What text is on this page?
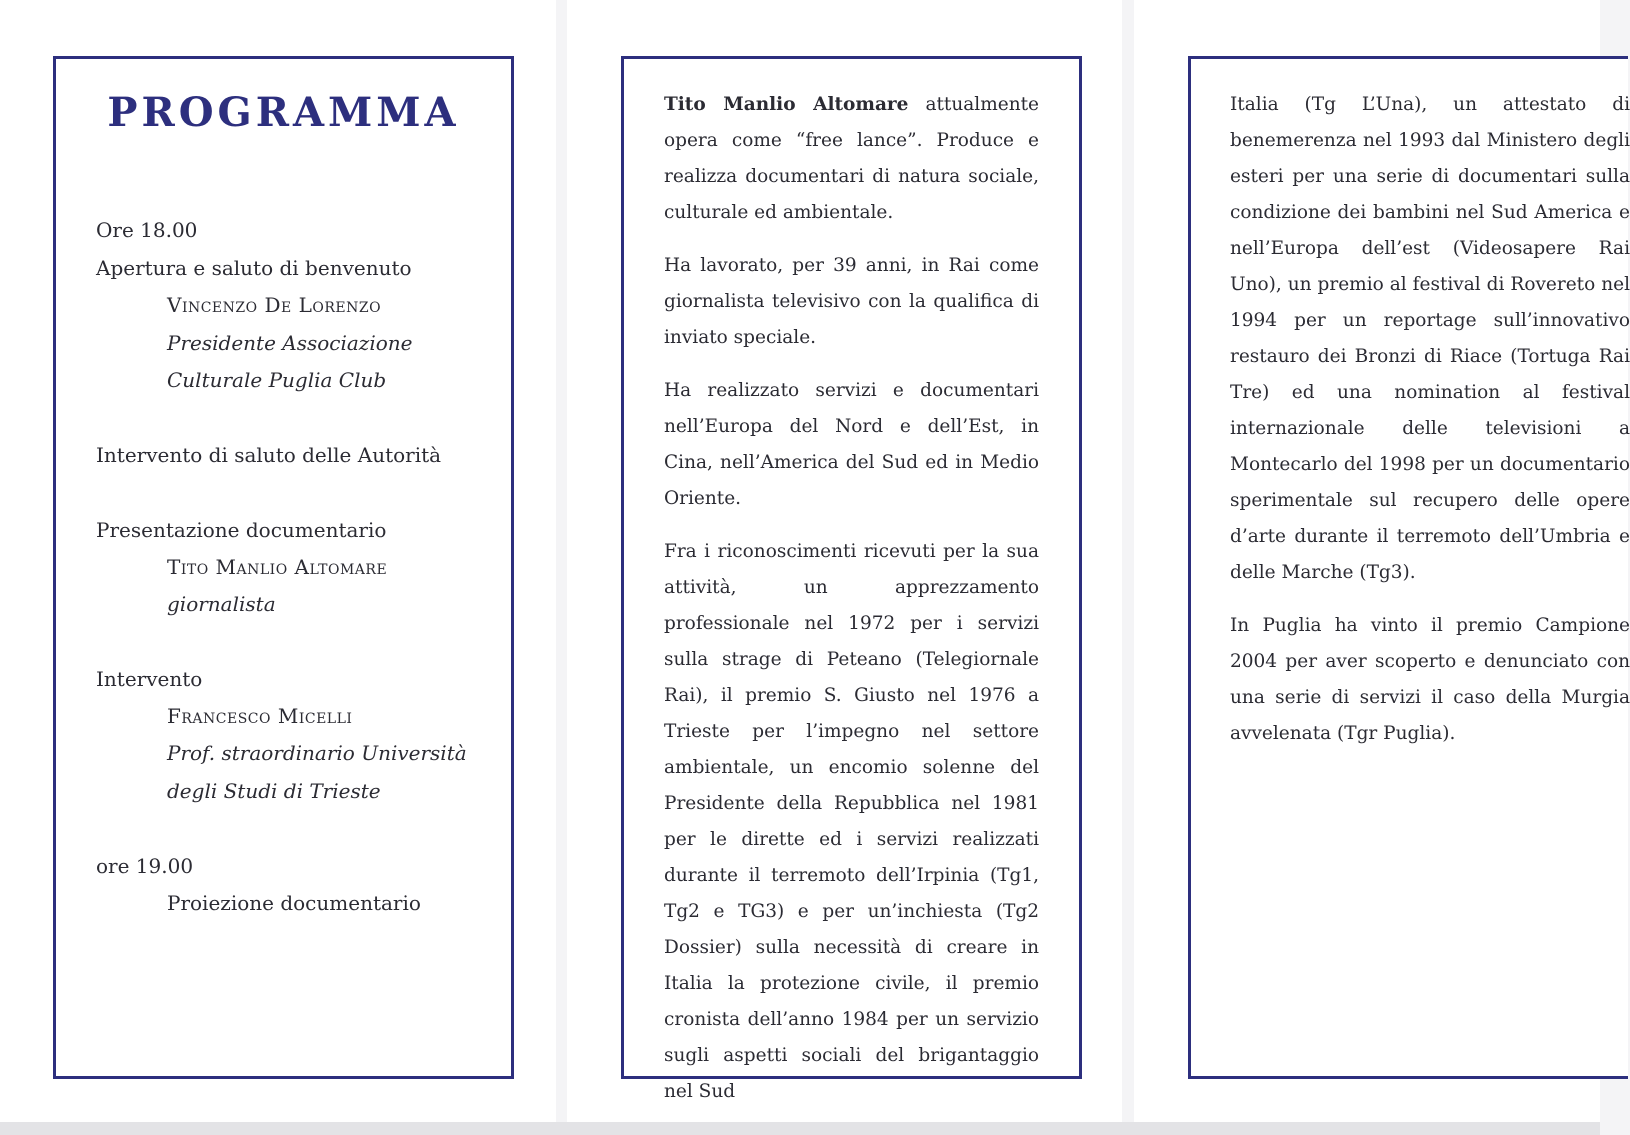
PROGRAMMA
Ore 18.00
Apertura e saluto di benvenuto
Vincenzo De Lorenzo
Presidente Associazione
Culturale Puglia Club
Intervento di saluto delle Autorità
Presentazione documentario
Tito Manlio Altomare
giornalista
Intervento
Francesco Micelli
Prof. straordinario Università
degli Studi di Trieste
ore 19.00
Proiezione documentario

Tito Manlio Altomare attualmente opera come “free lance”. Produce e realizza documentari di natura sociale, culturale ed ambientale.

Ha lavorato, per 39 anni, in Rai come giornalista televisivo con la qualifica di inviato speciale.

Ha realizzato servizi e documentari nell’Europa del Nord e dell’Est, in Cina, nell’America del Sud ed in Medio Oriente.

Fra i riconoscimenti ricevuti per la sua attività, un apprezzamento professionale nel 1972 per i servizi sulla strage di Peteano (Telegiornale Rai), il premio S. Giusto nel 1976 a Trieste per l’impegno nel settore ambientale, un encomio solenne del Presidente della Repubblica nel 1981 per le dirette ed i servizi realizzati durante il terremoto dell’Irpinia (Tg1, Tg2 e TG3) e per un’inchiesta (Tg2 Dossier) sulla necessità di creare in Italia la protezione civile, il premio cronista dell’anno 1984 per un servizio sugli aspetti sociali del brigantaggio nel Sud

Italia (Tg L’Una), un attestato di benemerenza nel 1993 dal Ministero degli esteri per una serie di documentari sulla condizione dei bambini nel Sud America e nell’Europa dell’est (Videosapere Rai Uno), un premio al festival di Rovereto nel 1994 per un reportage sull’innovativo restauro dei Bronzi di Riace (Tortuga Rai Tre) ed una nomination al festival internazionale delle televisioni a Montecarlo del 1998 per un documentario sperimentale sul recupero delle opere d’arte durante il terremoto dell’Umbria e delle Marche (Tg3).

In Puglia ha vinto il premio Campione 2004 per aver scoperto e denunciato con una serie di servizi il caso della Murgia avvelenata (Tgr Puglia).
